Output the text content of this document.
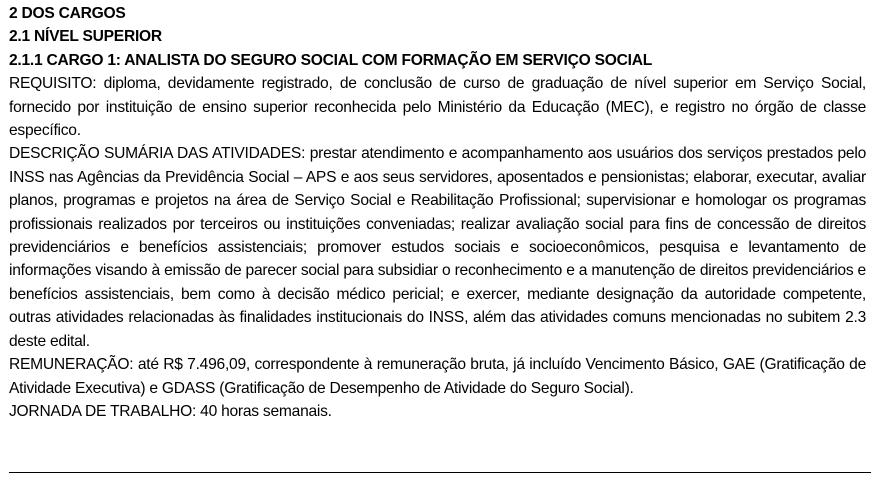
2 DOS CARGOS

2.1 NÍVEL SUPERIOR

2.1.1 CARGO 1: ANALISTA DO SEGURO SOCIAL COM FORMAÇÃO EM SERVIÇO SOCIAL

REQUISITO: diploma, devidamente registrado, de conclusão de curso de graduação de nível superior em Serviço Social, fornecido por instituição de ensino superior reconhecida pelo Ministério da Educação (MEC), e registro no órgão de classe específico.

DESCRIÇÃO SUMÁRIA DAS ATIVIDADES: prestar atendimento e acompanhamento aos usuários dos serviços prestados pelo INSS nas Agências da Previdência Social – APS e aos seus servidores, aposentados e pensionistas; elaborar, executar, avaliar planos, programas e projetos na área de Serviço Social e Reabilitação Profissional; supervisionar e homologar os programas profissionais realizados por terceiros ou instituições conveniadas; realizar avaliação social para fins de concessão de direitos previdenciários e benefícios assistenciais; promover estudos sociais e socioeconômicos, pesquisa e levantamento de informações visando à emissão de parecer social para subsidiar o reconhecimento e a manutenção de direitos previdenciários e benefícios assistenciais, bem como à decisão médico pericial; e exercer, mediante designação da autoridade competente, outras atividades relacionadas às finalidades institucionais do INSS, além das atividades comuns mencionadas no subitem 2.3 deste edital.

REMUNERAÇÃO: até R$ 7.496,09, correspondente à remuneração bruta, já incluído Vencimento Básico, GAE (Gratificação de Atividade Executiva) e GDASS (Gratificação de Desempenho de Atividade do Seguro Social).

JORNADA DE TRABALHO: 40 horas semanais.
